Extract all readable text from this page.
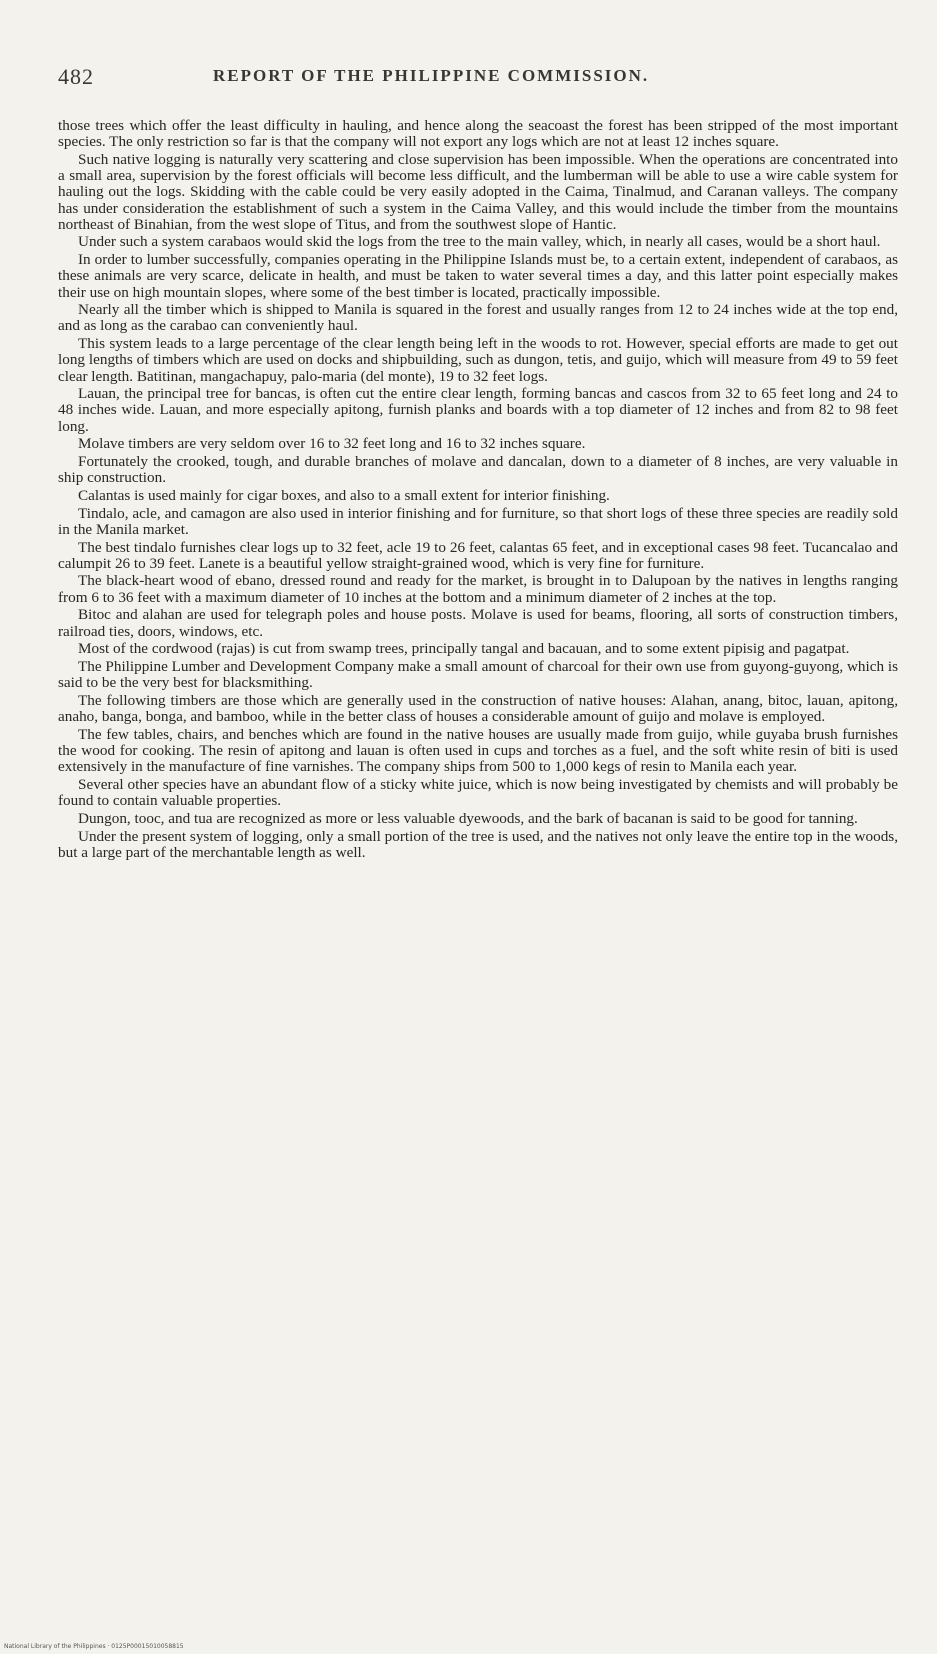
482	REPORT OF THE PHILIPPINE COMMISSION.

those trees which offer the least difficulty in hauling, and hence along the seacoast the forest has been stripped of the most important species. The only restriction so far is that the company will not export any logs which are not at least 12 inches square.

Such native logging is naturally very scattering and close supervision has been impossible. When the operations are concentrated into a small area, supervision by the forest officials will become less difficult, and the lumberman will be able to use a wire cable system for hauling out the logs. Skidding with the cable could be very easily adopted in the Caima, Tinalmud, and Caranan valleys. The company has under consideration the establishment of such a system in the Caima Valley, and this would include the timber from the mountains northeast of Binahian, from the west slope of Titus, and from the southwest slope of Hantic.

Under such a system carabaos would skid the logs from the tree to the main valley, which, in nearly all cases, would be a short haul.

In order to lumber successfully, companies operating in the Philippine Islands must be, to a certain extent, independent of carabaos, as these animals are very scarce, delicate in health, and must be taken to water several times a day, and this latter point especially makes their use on high mountain slopes, where some of the best timber is located, practically impossible.

Nearly all the timber which is shipped to Manila is squared in the forest and usually ranges from 12 to 24 inches wide at the top end, and as long as the carabao can conveniently haul.

This system leads to a large percentage of the clear length being left in the woods to rot. However, special efforts are made to get out long lengths of timbers which are used on docks and shipbuilding, such as dungon, tetis, and guijo, which will measure from 49 to 59 feet clear length. Batitinan, mangachapuy, palo-maria (del monte), 19 to 32 feet logs.

Lauan, the principal tree for bancas, is often cut the entire clear length, forming bancas and cascos from 32 to 65 feet long and 24 to 48 inches wide. Lauan, and more especially apitong, furnish planks and boards with a top diameter of 12 inches and from 82 to 98 feet long.

Molave timbers are very seldom over 16 to 32 feet long and 16 to 32 inches square.

Fortunately the crooked, tough, and durable branches of molave and dancalan, down to a diameter of 8 inches, are very valuable in ship construction.

Calantas is used mainly for cigar boxes, and also to a small extent for interior finishing.

Tindalo, acle, and camagon are also used in interior finishing and for furniture, so that short logs of these three species are readily sold in the Manila market.

The best tindalo furnishes clear logs up to 32 feet, acle 19 to 26 feet, calantas 65 feet, and in exceptional cases 98 feet. Tucancalao and calumpit 26 to 39 feet. Lanete is a beautiful yellow straight-grained wood, which is very fine for furniture.

The black-heart wood of ebano, dressed round and ready for the market, is brought in to Dalupoan by the natives in lengths ranging from 6 to 36 feet with a maximum diameter of 10 inches at the bottom and a minimum diameter of 2 inches at the top.

Bitoc and alahan are used for telegraph poles and house posts. Molave is used for beams, flooring, all sorts of construction timbers, railroad ties, doors, windows, etc.

Most of the cordwood (rajas) is cut from swamp trees, principally tangal and bacauan, and to some extent pipisig and pagatpat.

The Philippine Lumber and Development Company make a small amount of charcoal for their own use from guyong-guyong, which is said to be the very best for blacksmithing.

The following timbers are those which are generally used in the construction of native houses: Alahan, anang, bitoc, lauan, apitong, anaho, banga, bonga, and bamboo, while in the better class of houses a considerable amount of guijo and molave is employed.

The few tables, chairs, and benches which are found in the native houses are usually made from guijo, while guyaba brush furnishes the wood for cooking. The resin of apitong and lauan is often used in cups and torches as a fuel, and the soft white resin of biti is used extensively in the manufacture of fine varnishes. The company ships from 500 to 1,000 kegs of resin to Manila each year.

Several other species have an abundant flow of a sticky white juice, which is now being investigated by chemists and will probably be found to contain valuable properties.

Dungon, tooc, and tua are recognized as more or less valuable dyewoods, and the bark of bacanan is said to be good for tanning.

Under the present system of logging, only a small portion of the tree is used, and the natives not only leave the entire top in the woods, but a large part of the merchantable length as well.

National Library of the Philippines · 0125P00015010058815
